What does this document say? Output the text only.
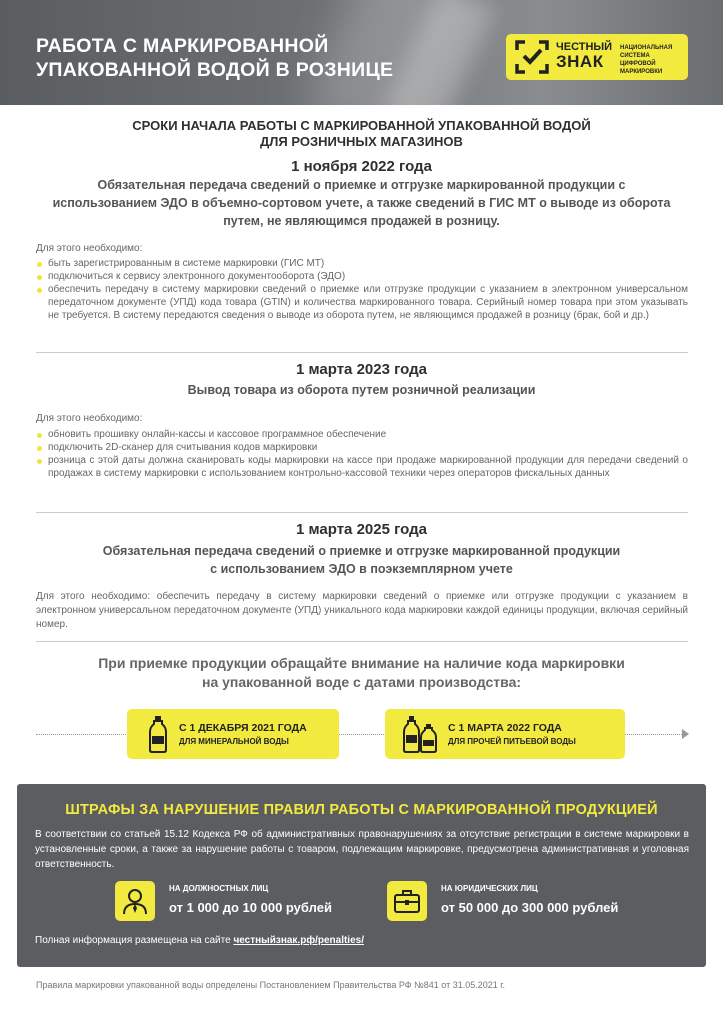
РАБОТА С МАРКИРОВАННОЙ
УПАКОВАННОЙ ВОДОЙ В РОЗНИЦЕ
ЧЕСТНЫЙ
ЗНАК
НАЦИОНАЛЬНАЯ
СИСТЕМА ЦИФРОВОЙ
МАРКИРОВКИ
СРОКИ НАЧАЛА РАБОТЫ С МАРКИРОВАННОЙ УПАКОВАННОЙ ВОДОЙ
ДЛЯ РОЗНИЧНЫХ МАГАЗИНОВ
1 ноября 2022 года
Обязательная передача сведений о приемке и отгрузке маркированной продукции с
использованием ЭДО в объемно-сортовом учете, а также сведений в ГИС МТ о выводе из оборота
путем, не являющимся продажей в розницу.
Для этого необходимо:
быть зарегистрированным в системе маркировки (ГИС МТ)
подключиться к сервису электронного документооборота (ЭДО)
обеспечить передачу в систему маркировки сведений о приемке или отгрузке продукции с указанием в электронном универсальном передаточном документе (УПД) кода товара (GTIN) и количества маркированного товара. Серийный номер товара при этом указывать не требуется. В систему передаются сведения о выводе из оборота путем, не являющимся продажей в розницу (брак, бой и др.)
1 марта 2023 года
Вывод товара из оборота путем розничной реализации
Для этого необходимо:
обновить прошивку онлайн-кассы и кассовое программное обеспечение
подключить 2D-сканер для считывания кодов маркировки
розница с этой даты должна сканировать коды маркировки на кассе при продаже маркированной продукции для передачи сведений о продажах в систему маркировки с использованием контрольно-кассовой техники через операторов фискальных данных
1 марта 2025 года
Обязательная передача сведений о приемке и отгрузке маркированной продукции
с использованием ЭДО в поэкземплярном учете
Для этого необходимо: обеспечить передачу в систему маркировки сведений о приемке или отгрузке продукции с указанием в электронном универсальном передаточном документе (УПД) уникального кода маркировки каждой единицы продукции, включая серийный номер.
При приемке продукции обращайте внимание на наличие кода маркировки
на упакованной воде с датами производства:
С 1 ДЕКАБРЯ 2021 ГОДА
ДЛЯ МИНЕРАЛЬНОЙ ВОДЫ
С 1 МАРТА 2022 ГОДА
ДЛЯ ПРОЧЕЙ ПИТЬЕВОЙ ВОДЫ
ШТРАФЫ ЗА НАРУШЕНИЕ ПРАВИЛ РАБОТЫ С МАРКИРОВАННОЙ ПРОДУКЦИЕЙ
В соответствии со статьей 15.12 Кодекса РФ об административных правонарушениях за отсутствие регистрации в системе маркировки в установленные сроки, а также за нарушение работы с товаром, подлежащим маркировке, предусмотрена административная и уголовная ответственность.
НА ДОЛЖНОСТНЫХ ЛИЦ
от 1 000 до 10 000 рублей
НА ЮРИДИЧЕСКИХ ЛИЦ
от 50 000 до 300 000 рублей
Полная информация размещена на сайте честныйзнак.рф/penalties/
Правила маркировки упакованной воды определены Постановлением Правительства РФ №841 от 31.05.2021 г.
